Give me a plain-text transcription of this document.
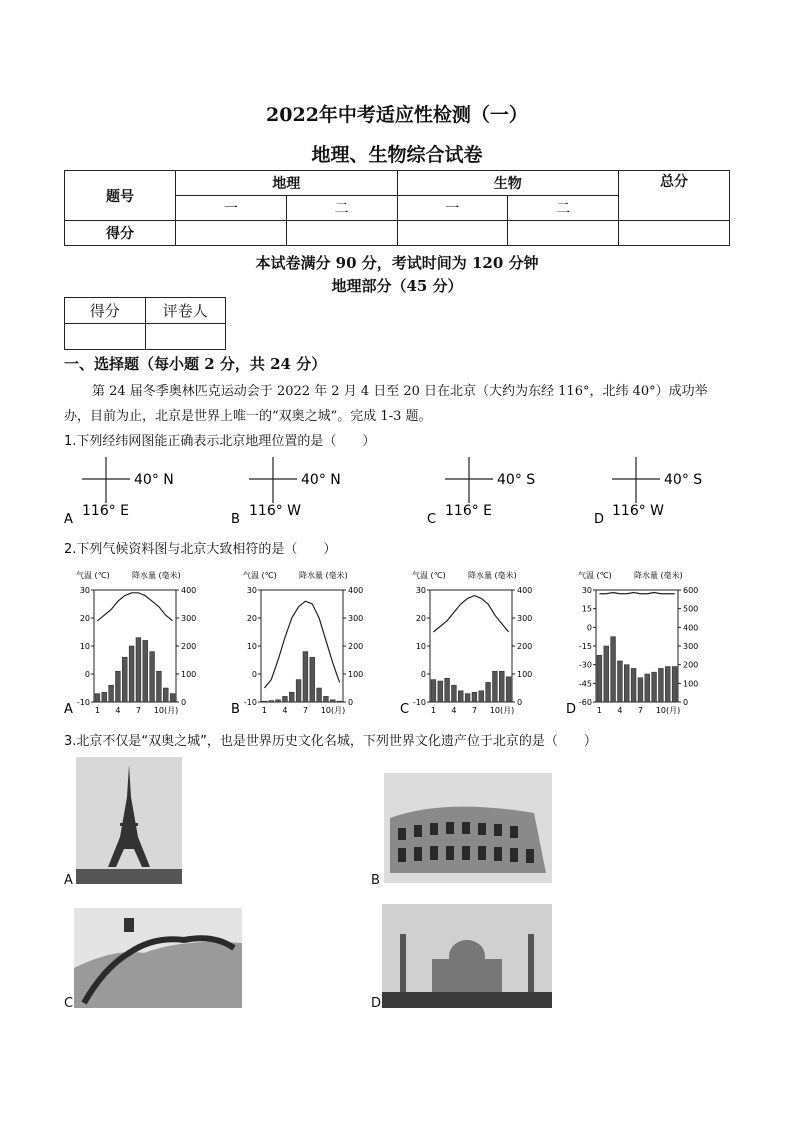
2022年中考适应性检测（一）
地理、生物综合试卷
题号	地理		生物		总分
	一	二	一	二	
得分					
本试卷满分 90 分，考试时间为 120 分钟
地理部分（45 分）
得分	评卷人

一、选择题（每小题 2 分，共 24 分）
第 24 届冬季奥林匹克运动会于 2022 年 2 月 4 日至 20 日在北京（大约为东经 116°，北纬 40°）成功举
办，目前为止，北京是世界上唯一的“双奥之城”。完成 1-3 题。
1.下列经纬网图能正确表示北京地理位置的是（　　）
40° N
116° E
A
40° N
116° W
B
40° S
116° E
C
40° S
116° W
D
2.下列气候资料图与北京大致相符的是（　　）
气温 (℃)	降水量 (毫米)
-10
0
10
20
30
0
100
200
300
400
1 4 7 10 (月)
A
气温 (℃)	降水量 (毫米)
-10
0
10
20
30
0
100
200
300
400
1 4 7 10 (月)
B
气温 (℃)	降水量 (毫米)
-10
0
10
20
30
0
100
200
300
400
1 4 7 10 (月)
C
气温 (℃)	降水量 (毫米)
-60
-45
-30
-15
0
15
30
0
100
200
300
400
500
600
1 4 7 10 (月)
D
3.北京不仅是“双奥之城”，也是世界历史文化名城，下列世界文化遗产位于北京的是（　　）
A	B
C	D
